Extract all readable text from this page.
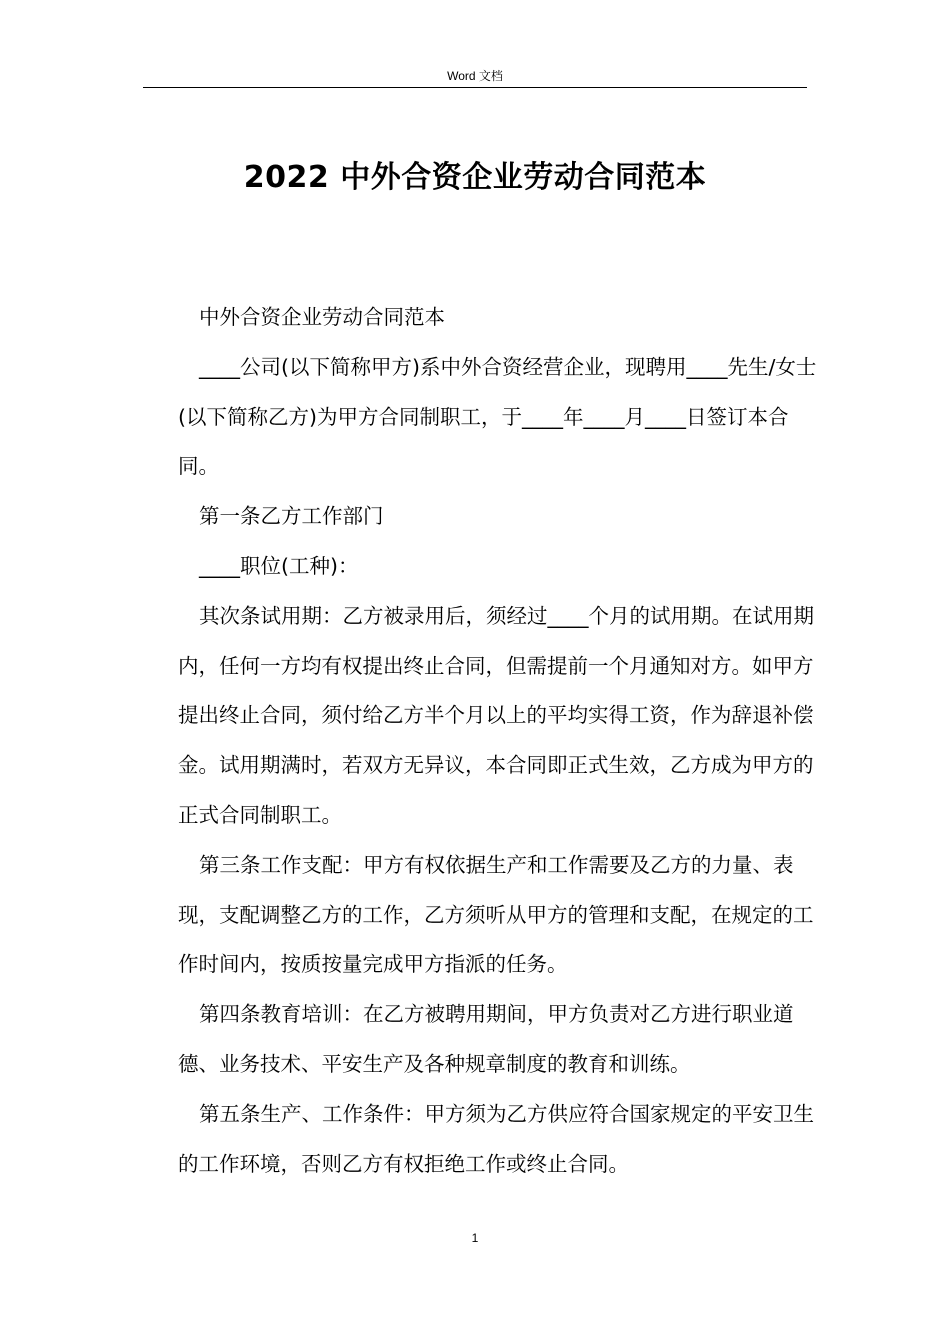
Word 文档
2022 中外合资企业劳动合同范本

中外合资企业劳动合同范本

____公司(以下简称甲方)系中外合资经营企业，现聘用____先生/女士(以下简称乙方)为甲方合同制职工，于____年____月____日签订本合同。

第一条乙方工作部门

____职位(工种)：

其次条试用期：乙方被录用后，须经过____个月的试用期。在试用期内，任何一方均有权提出终止合同，但需提前一个月通知对方。如甲方提出终止合同，须付给乙方半个月以上的平均实得工资，作为辞退补偿金。试用期满时，若双方无异议，本合同即正式生效，乙方成为甲方的正式合同制职工。

第三条工作支配：甲方有权依据生产和工作需要及乙方的力量、表现，支配调整乙方的工作，乙方须听从甲方的管理和支配，在规定的工作时间内，按质按量完成甲方指派的任务。

第四条教育培训：在乙方被聘用期间，甲方负责对乙方进行职业道德、业务技术、平安生产及各种规章制度的教育和训练。

第五条生产、工作条件：甲方须为乙方供应符合国家规定的平安卫生的工作环境，否则乙方有权拒绝工作或终止合同。

1
